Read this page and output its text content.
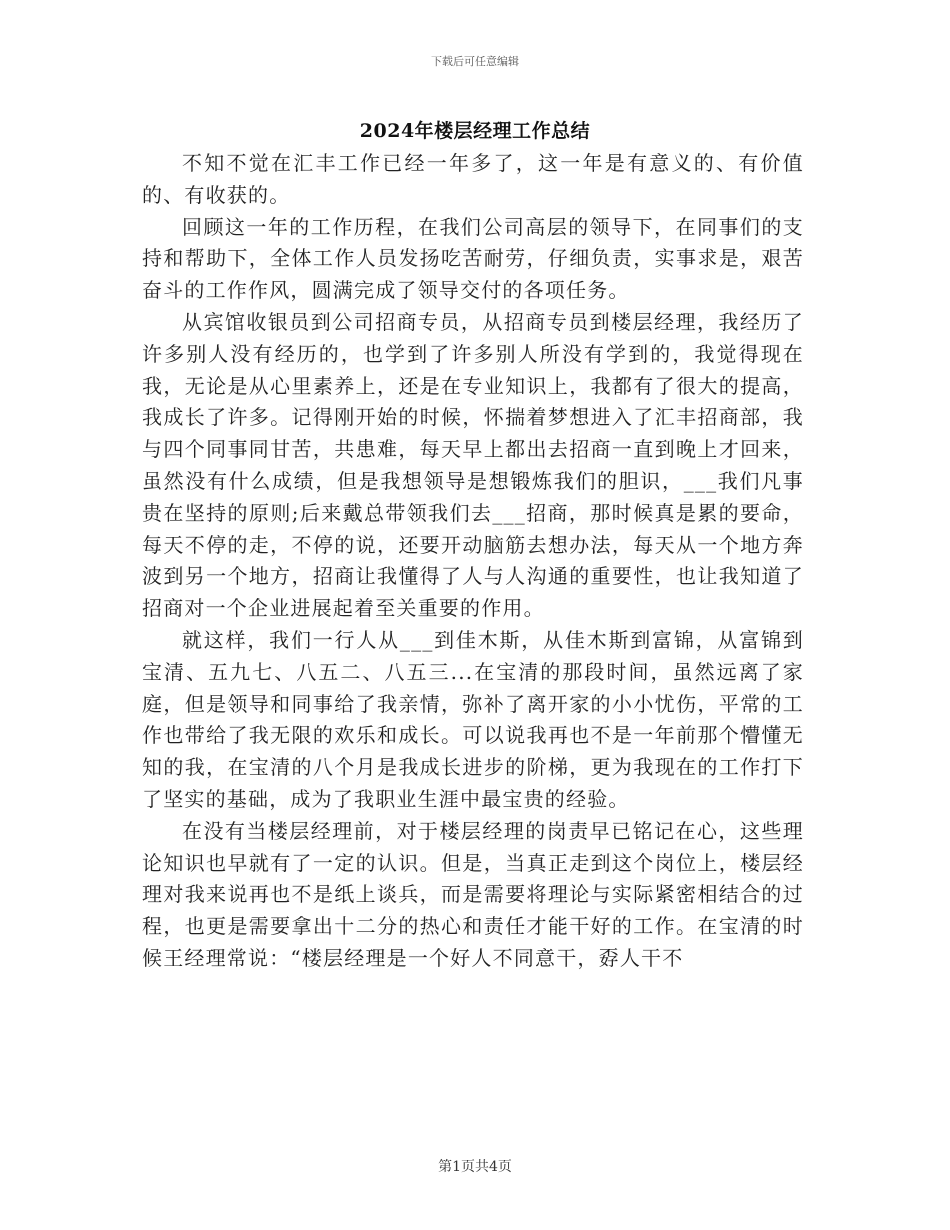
下载后可任意编辑
2024年楼层经理工作总结

不知不觉在汇丰工作已经一年多了，这一年是有意义的、有价值的、有收获的。

回顾这一年的工作历程，在我们公司高层的领导下，在同事们的支持和帮助下，全体工作人员发扬吃苦耐劳，仔细负责，实事求是，艰苦奋斗的工作作风，圆满完成了领导交付的各项任务。

从宾馆收银员到公司招商专员，从招商专员到楼层经理，我经历了许多别人没有经历的，也学到了许多别人所没有学到的，我觉得现在我，无论是从心里素养上，还是在专业知识上，我都有了很大的提高，我成长了许多。记得刚开始的时候，怀揣着梦想进入了汇丰招商部，我与四个同事同甘苦，共患难，每天早上都出去招商一直到晚上才回来，虽然没有什么成绩，但是我想领导是想锻炼我们的胆识，___我们凡事贵在坚持的原则;后来戴总带领我们去___招商，那时候真是累的要命，每天不停的走，不停的说，还要开动脑筋去想办法，每天从一个地方奔波到另一个地方，招商让我懂得了人与人沟通的重要性，也让我知道了招商对一个企业进展起着至关重要的作用。

就这样，我们一行人从___到佳木斯，从佳木斯到富锦，从富锦到宝清、五九七、八五二、八五三...在宝清的那段时间，虽然远离了家庭，但是领导和同事给了我亲情，弥补了离开家的小小忧伤，平常的工作也带给了我无限的欢乐和成长。可以说我再也不是一年前那个懵懂无知的我，在宝清的八个月是我成长进步的阶梯，更为我现在的工作打下了坚实的基础，成为了我职业生涯中最宝贵的经验。

在没有当楼层经理前，对于楼层经理的岗责早已铭记在心，这些理论知识也早就有了一定的认识。但是，当真正走到这个岗位上，楼层经理对我来说再也不是纸上谈兵，而是需要将理论与实际紧密相结合的过程，也更是需要拿出十二分的热心和责任才能干好的工作。在宝清的时候王经理常说：“楼层经理是一个好人不同意干，孬人干不

第1页共4页
